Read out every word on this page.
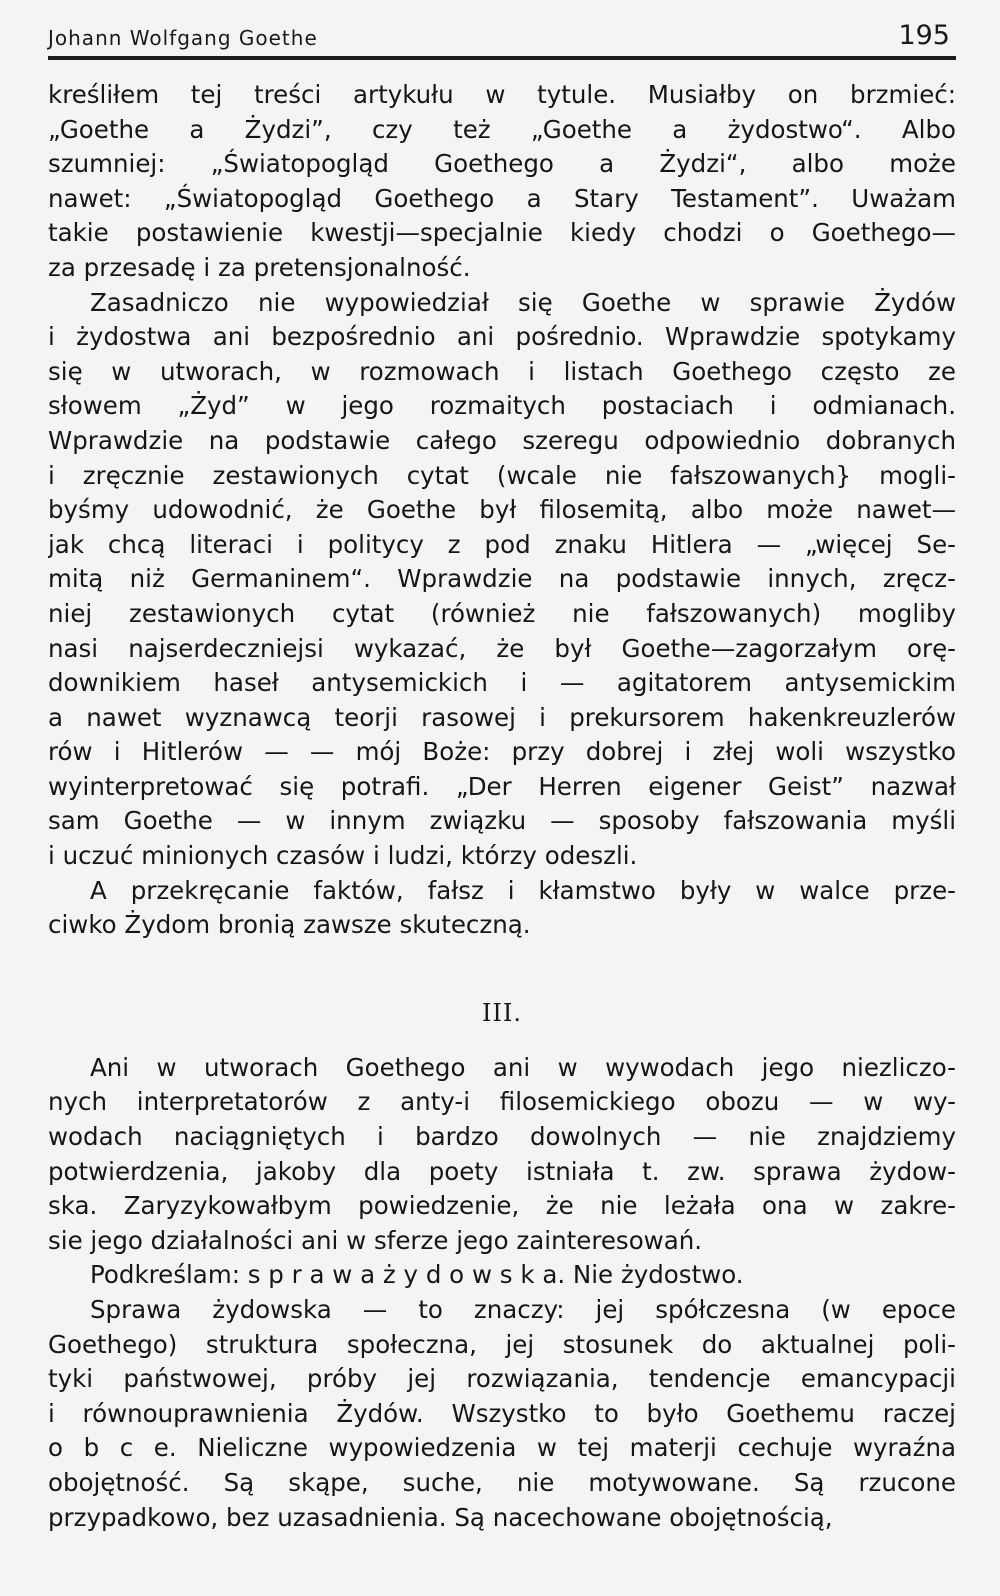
Johann Wolfgang Goethe	195
kreśliłem tej treści artykułu w tytule. Musiałby on brzmieć:
„Goethe a Żydzi”, czy też „Goethe a żydostwo“. Albo
szumniej: „Światopogląd Goethego a Żydzi“, albo może
nawet: „Światopogląd Goethego a Stary Testament”. Uważam
takie postawienie kwestji—specjalnie kiedy chodzi o Goethego—
za przesadę i za pretensjonalność.
Zasadniczo nie wypowiedział się Goethe w sprawie Żydów
i żydostwa ani bezpośrednio ani pośrednio. Wprawdzie spotykamy
się w utworach, w rozmowach i listach Goethego często ze
słowem „Żyd” w jego rozmaitych postaciach i odmianach.
Wprawdzie na podstawie całego szeregu odpowiednio dobranych
i zręcznie zestawionych cytat (wcale nie fałszowanych} mogli-
byśmy udowodnić, że Goethe był filosemitą, albo może nawet—
jak chcą literaci i politycy z pod znaku Hitlera — „więcej Se-
mitą niż Germaninem“. Wprawdzie na podstawie innych, zręcz-
niej zestawionych cytat (również nie fałszowanych) mogliby
nasi najserdeczniejsi wykazać, że był Goethe—zagorzałym orę-
downikiem haseł antysemickich i — agitatorem antysemickim
a nawet wyznawcą teorji rasowej i prekursorem hakenkreuzlerów
rów i Hitlerów — — mój Boże: przy dobrej i złej woli wszystko
wyinterpretować się potrafi. „Der Herren eigener Geist” nazwał
sam Goethe — w innym związku — sposoby fałszowania myśli
i uczuć minionych czasów i ludzi, którzy odeszli.
A przekręcanie faktów, fałsz i kłamstwo były w walce prze-
ciwko Żydom bronią zawsze skuteczną.
III.
Ani w utworach Goethego ani w wywodach jego niezliczo-
nych interpretatorów z anty-i filosemickiego obozu — w wy-
wodach naciągniętych i bardzo dowolnych — nie znajdziemy
potwierdzenia, jakoby dla poety istniała t. zw. sprawa żydow-
ska. Zaryzykowałbym powiedzenie, że nie leżała ona w zakre-
sie jego działalności ani w sferze jego zainteresowań.
Podkreślam: s p r a w a ż y d o w s k a. Nie żydostwo.
Sprawa żydowska — to znaczy: jej spółczesna (w epoce
Goethego) struktura społeczna, jej stosunek do aktualnej poli-
tyki państwowej, próby jej rozwiązania, tendencje emancypacji
i równouprawnienia Żydów. Wszystko to było Goethemu raczej
o b c e. Nieliczne wypowiedzenia w tej materji cechuje wyraźna
obojętność. Są skąpe, suche, nie motywowane. Są rzucone
przypadkowo, bez uzasadnienia. Są nacechowane obojętnością,
